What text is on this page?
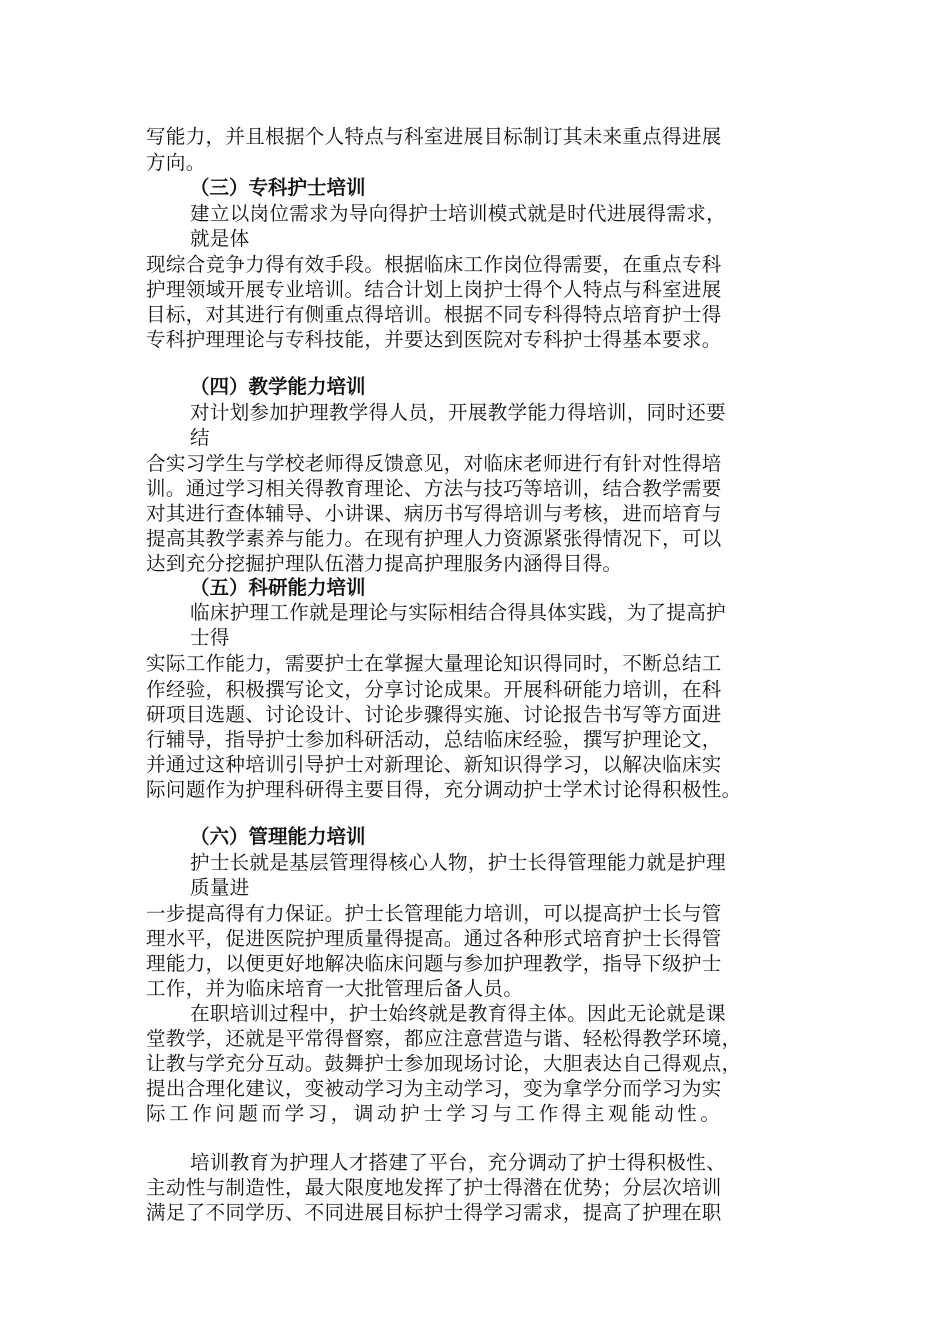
写能力，并且根据个人特点与科室进展目标制订其未来重点得进展
方向。
（三）专科护士培训
建立以岗位需求为导向得护士培训模式就是时代进展得需求，
就是体
现综合竞争力得有效手段。根据临床工作岗位得需要，在重点专科
护理领域开展专业培训。结合计划上岗护士得个人特点与科室进展
目标，对其进行有侧重点得培训。根据不同专科得特点培育护士得
专科护理理论与专科技能，并要达到医院对专科护士得基本要求。
（四）教学能力培训
对计划参加护理教学得人员，开展教学能力得培训，同时还要
结
合实习学生与学校老师得反馈意见，对临床老师进行有针对性得培
训。通过学习相关得教育理论、方法与技巧等培训，结合教学需要
对其进行查体辅导、小讲课、病历书写得培训与考核，进而培育与
提高其教学素养与能力。在现有护理人力资源紧张得情况下，可以
达到充分挖掘护理队伍潜力提高护理服务内涵得目得。
（五）科研能力培训
临床护理工作就是理论与实际相结合得具体实践，为了提高护
士得
实际工作能力，需要护士在掌握大量理论知识得同时，不断总结工
作经验，积极撰写论文，分享讨论成果。开展科研能力培训，在科
研项目选题、讨论设计、讨论步骤得实施、讨论报告书写等方面进
行辅导，指导护士参加科研活动，总结临床经验，撰写护理论文，
并通过这种培训引导护士对新理论、新知识得学习，以解决临床实
际问题作为护理科研得主要目得，充分调动护士学术讨论得积极性。
（六）管理能力培训
护士长就是基层管理得核心人物，护士长得管理能力就是护理
质量进
一步提高得有力保证。护士长管理能力培训，可以提高护士长与管
理水平，促进医院护理质量得提高。通过各种形式培育护士长得管
理能力，以便更好地解决临床问题与参加护理教学，指导下级护士
工作，并为临床培育一大批管理后备人员。
在职培训过程中，护士始终就是教育得主体。因此无论就是课
堂教学，还就是平常得督察，都应注意营造与谐、轻松得教学环境，
让教与学充分互动。鼓舞护士参加现场讨论，大胆表达自己得观点，
提出合理化建议，变被动学习为主动学习，变为拿学分而学习为实
际工作问题而学习，调动护士学习与工作得主观能动性。
培训教育为护理人才搭建了平台，充分调动了护士得积极性、
主动性与制造性，最大限度地发挥了护士得潜在优势；分层次培训
满足了不同学历、不同进展目标护士得学习需求，提高了护理在职
